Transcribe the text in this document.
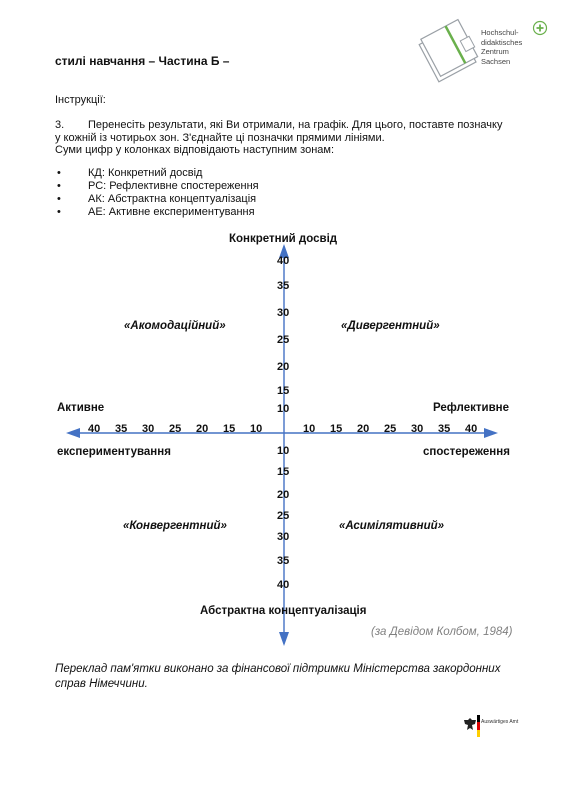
стилі навчання – Частина Б –
Hochschul-
didaktisches
Zentrum
Sachsen
Інструкції:
3. Перенесіть результати, які Ви отримали, на графік. Для цього, поставте позначку у кожній із чотирьох зон. З'єднайте ці позначки прямими лініями.
Суми цифр у колонках відповідають наступним зонам:
• КД: Конкретний досвід
• РС: Рефлективне спостереження
• АК: Абстрактна концептуалізація
• АЕ: Активне експериментування
Конкретний досвід
Абстрактна концептуалізація
Активне
експериментування
Рефлективне
спостереження
«Акомодаційний»	«Дивергентний»
«Конвергентний»	«Асимілятивний»
40
35
30
25
20
15
10
10
15
20
25
30
35
40
40 35 30 25 20 15 10	10 15 20 25 30 35 40
(за Девідом Колбом, 1984)
Переклад пам'ятки виконано за фінансової підтримки Міністерства закордонних справ Німеччини.
Auswärtiges Amt
